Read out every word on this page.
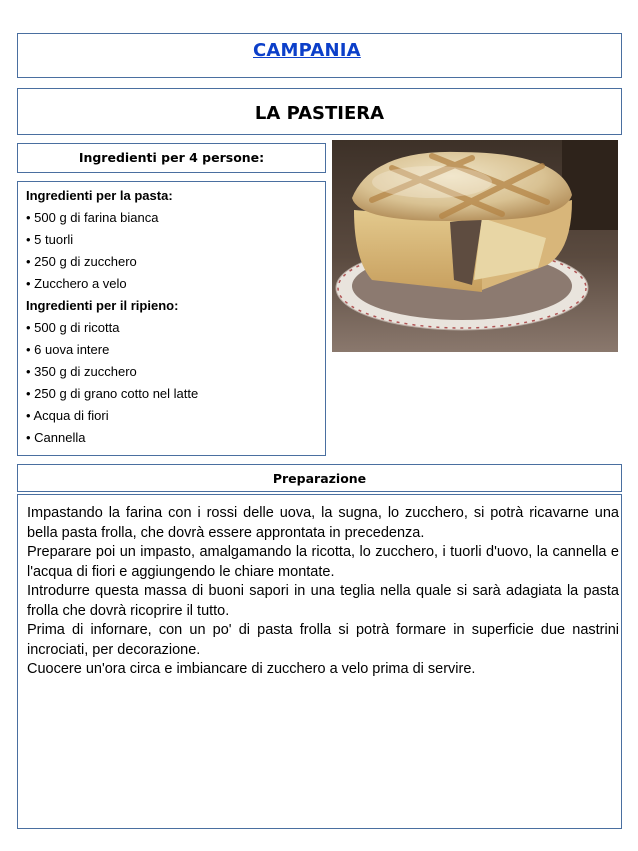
CAMPANIA
LA PASTIERA
Ingredienti per 4 persone:
Ingredienti per la pasta:
• 500 g di farina bianca
• 5 tuorli
• 250 g di zucchero
• Zucchero a velo
Ingredienti per il ripieno:
• 500 g di ricotta
• 6 uova intere
• 350 g di zucchero
• 250 g di grano cotto nel latte
• Acqua di fiori
• Cannella
Preparazione

Impastando la farina con i rossi delle uova, la sugna, lo zucchero, si potrà ricavarne una bella pasta frolla, che dovrà essere approntata in precedenza.

Preparare poi un impasto, amalgamando la ricotta, lo zucchero, i tuorli d'uovo, la cannella e l'acqua di fiori e aggiungendo le chiare montate.

Introdurre questa massa di buoni sapori in una teglia nella quale si sarà adagiata la pasta frolla che dovrà ricoprire il tutto.

Prima di infornare, con un po' di pasta frolla si potrà formare in superficie due nastrini incrociati, per decorazione.

Cuocere un'ora circa e imbiancare di zucchero a velo prima di servire.
